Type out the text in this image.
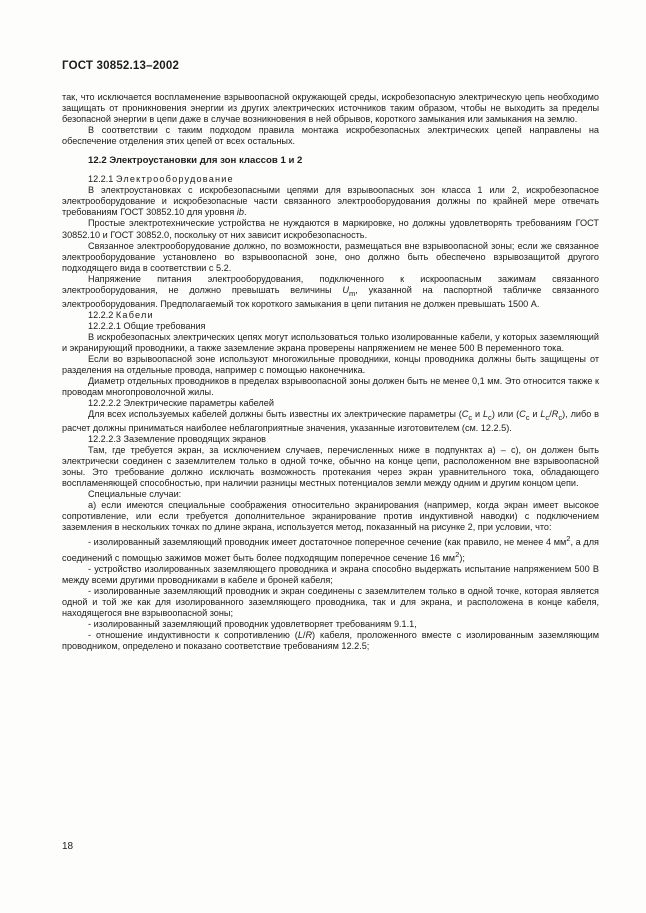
ГОСТ 30852.13–2002

так, что исключается воспламенение взрывоопасной окружающей среды, искробезопасную электрическую цепь необходимо защищать от проникновения энергии из других электрических источников таким образом, чтобы не выходить за пределы безопасной энергии в цепи даже в случае возникновения в ней обрывов, короткого замыкания или замыкания на землю.

В соответствии с таким подходом правила монтажа искробезопасных электрических цепей направлены на обеспечение отделения этих цепей от всех остальных.

12.2 Электроустановки для зон классов 1 и 2

12.2.1 Электрооборудование

В электроустановках с искробезопасными цепями для взрывоопасных зон класса 1 или 2, искробезопасное электрооборудование и искробезопасные части связанного электрооборудования должны по крайней мере отвечать требованиям ГОСТ 30852.10 для уровня ib.

Простые электротехнические устройства не нуждаются в маркировке, но должны удовлетворять требованиям ГОСТ 30852.10 и ГОСТ 30852.0, поскольку от них зависит искробезопасность.

Связанное электрооборудование должно, по возможности, размещаться вне взрывоопасной зоны; если же связанное электрооборудование установлено во взрывоопасной зоне, оно должно быть обеспечено взрывозащитой другого подходящего вида в соответствии с 5.2.

Напряжение питания электрооборудования, подключенного к искроопасным зажимам связанного электрооборудования, не должно превышать величины $U_m$, указанной на паспортной табличке связанного электрооборудования. Предполагаемый ток короткого замыкания в цепи питания не должен превышать 1500 А.

12.2.2 Кабели

12.2.2.1 Общие требования

В искробезопасных электрических цепях могут использоваться только изолированные кабели, у которых заземляющий и экранирующий проводники, а также заземление экрана проверены напряжением не менее 500 В переменного тока.

Если во взрывоопасной зоне используют многожильные проводники, концы проводника должны быть защищены от разделения на отдельные провода, например с помощью наконечника.

Диаметр отдельных проводников в пределах взрывоопасной зоны должен быть не менее 0,1 мм. Это относится также к проводам многопроволочной жилы.

12.2.2.2 Электрические параметры кабелей

Для всех используемых кабелей должны быть известны их электрические параметры ($C_c$ и $L_c$) или ($C_c$ и $L_c/R_c$), либо в расчет должны приниматься наиболее неблагоприятные значения, указанные изготовителем (см. 12.2.5).

12.2.2.3 Заземление проводящих экранов

Там, где требуется экран, за исключением случаев, перечисленных ниже в подпунктах а) – с), он должен быть электрически соединен с заземлителем только в одной точке, обычно на конце цепи, расположенном вне взрывоопасной зоны. Это требование должно исключать возможность протекания через экран уравнительного тока, обладающего воспламеняющей способностью, при наличии разницы местных потенциалов земли между одним и другим концом цепи.

Специальные случаи:

а) если имеются специальные соображения относительно экранирования (например, когда экран имеет высокое сопротивление, или если требуется дополнительное экранирование против индуктивной наводки) с подключением заземления в нескольких точках по длине экрана, используется метод, показанный на рисунке 2, при условии, что:

- изолированный заземляющий проводник имеет достаточное поперечное сечение (как правило, не менее 4 $мм^2$, а для соединений с помощью зажимов может быть более подходящим поперечное сечение 16 $мм^2$);

- устройство изолированных заземляющего проводника и экрана способно выдержать испытание напряжением 500 В между всеми другими проводниками в кабеле и броней кабеля;

- изолированные заземляющий проводник и экран соединены с заземлителем только в одной точке, которая является одной и той же как для изолированного заземляющего проводника, так и для экрана, и расположена в конце кабеля, находящегося вне взрывоопасной зоны;

- изолированный заземляющий проводник удовлетворяет требованиям 9.1.1,

- отношение индуктивности к сопротивлению (L/R) кабеля, проложенного вместе с изолированным заземляющим проводником, определено и показано соответствие требованиям 12.2.5;

18
